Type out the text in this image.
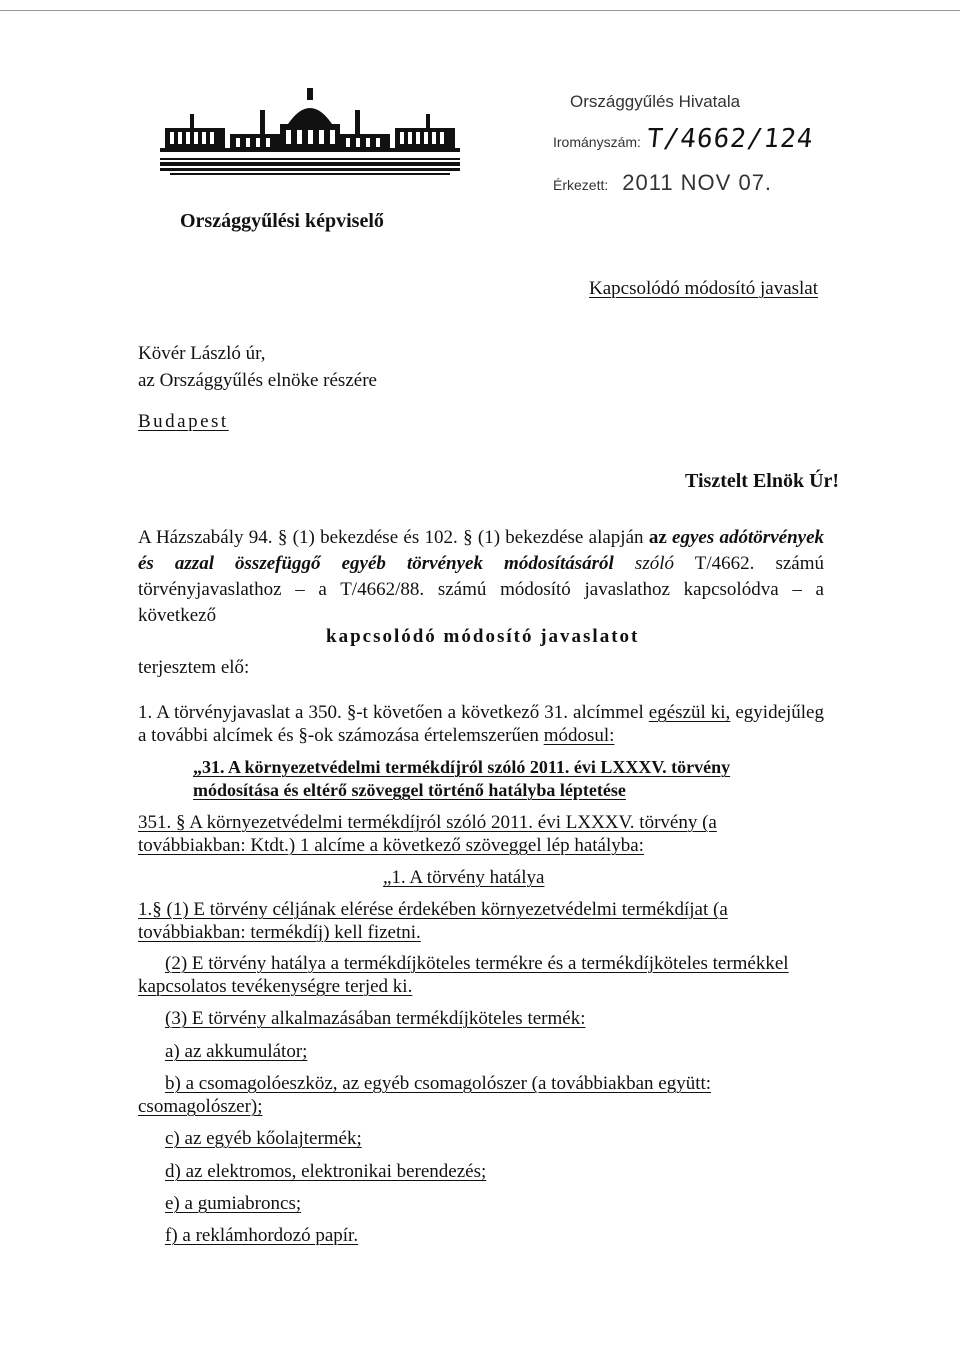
Országgyűlés Hivatala
Irományszám: T/4662/124
Érkezett: 2011 NOV 07.
Országgyűlési képviselő
Kapcsolódó módosító javaslat
Kövér László úr,
az Országgyűlés elnöke részére
Budapest
Tisztelt Elnök Úr!
A Házszabály 94. § (1) bekezdése és 102. § (1) bekezdése alapján az egyes adótörvények és azzal összefüggő egyéb törvények módosításáról szóló T/4662. számú törvényjavaslathoz – a T/4662/88. számú módosító javaslathoz kapcsolódva – a következő
kapcsolódó módosító javaslatot
terjesztem elő:
1. A törvényjavaslat a 350. §-t követően a következő 31. alcímmel egészül ki, egyidejűleg a további alcímek és §-ok számozása értelemszerűen módosul:
„31. A környezetvédelmi termékdíjról szóló 2011. évi LXXXV. törvény
módosítása és eltérő szöveggel történő hatályba léptetése
351. § A környezetvédelmi termékdíjról szóló 2011. évi LXXXV. törvény (a
továbbiakban: Ktdt.) 1 alcíme a következő szöveggel lép hatályba:
„1. A törvény hatálya
1.§ (1) E törvény céljának elérése érdekében környezetvédelmi termékdíjat (a
továbbiakban: termékdíj) kell fizetni.
(2) E törvény hatálya a termékdíjköteles termékre és a termékdíjköteles termékkel
kapcsolatos tevékenységre terjed ki.
(3) E törvény alkalmazásában termékdíjköteles termék:
a) az akkumulátor;
b) a csomagolóeszköz, az egyéb csomagolószer (a továbbiakban együtt:
csomagolószer);
c) az egyéb kőolajtermék;
d) az elektromos, elektronikai berendezés;
e) a gumiabroncs;
f) a reklámhordozó papír.
